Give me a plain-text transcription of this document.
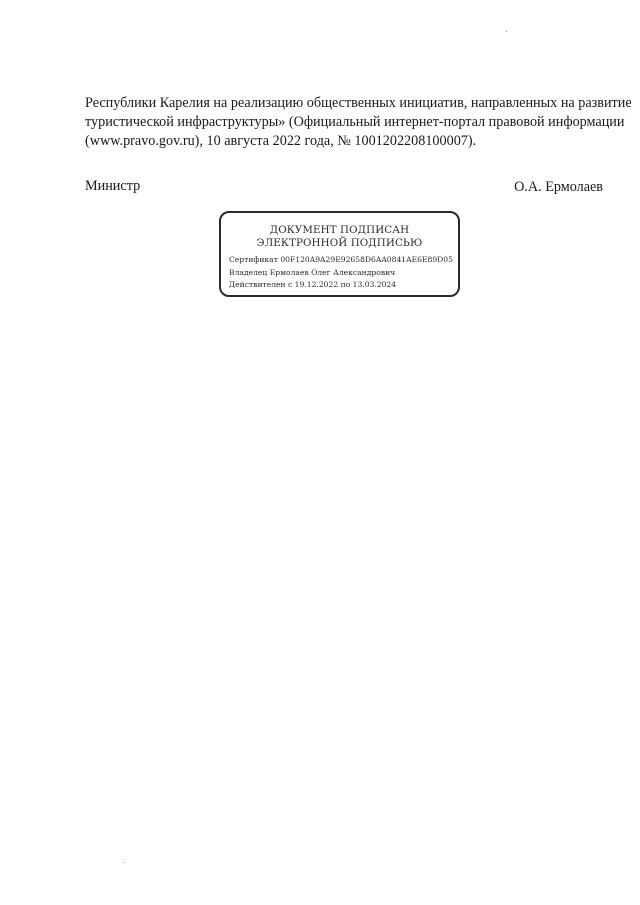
Республики Карелия на реализацию общественных инициатив, направленных на развитие
туристической инфраструктуры» (Официальный интернет-портал правовой информации
(www.pravo.gov.ru), 10 августа 2022 года, № 1001202208100007).
Министр	О.А. Ермолаев
ДОКУМЕНТ ПОДПИСАН
ЭЛЕКТРОННОЙ ПОДПИСЬЮ
Сертификат 00F120A9A29E92658D6AA0841AE6E89D05
Владелец Ермолаев Олег Александрович
Действителен с 19.12.2022 по 13.03.2024
